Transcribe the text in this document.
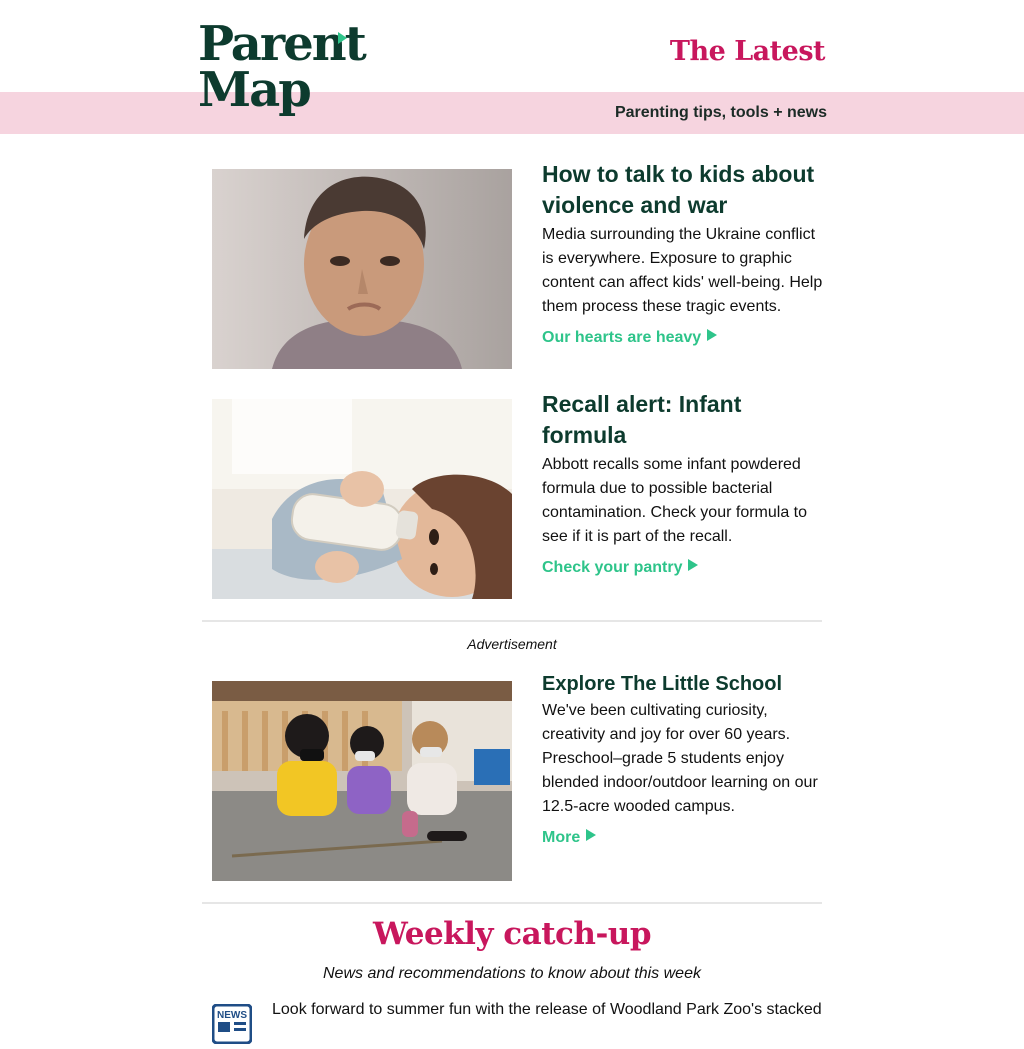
Parent
Map
The Latest
Parenting tips, tools + news
How to talk to kids about violence and war

Media surrounding the Ukraine conflict is everywhere. Exposure to graphic content can affect kids' well-being. Help them process these tragic events.

Our hearts are heavy
Recall alert: Infant formula

Abbott recalls some infant powdered formula due to possible bacterial contamination. Check your formula to see if it is part of the recall.

Check your pantry
Advertisement
Explore The Little School

We've been cultivating curiosity, creativity and joy for over 60 years. Preschool–grade 5 students enjoy blended indoor/outdoor learning on our 12.5-acre wooded campus.

More
Weekly catch-up
News and recommendations to know about this week
NEWS Look forward to summer fun with the release of Woodland Park Zoo's stacked
